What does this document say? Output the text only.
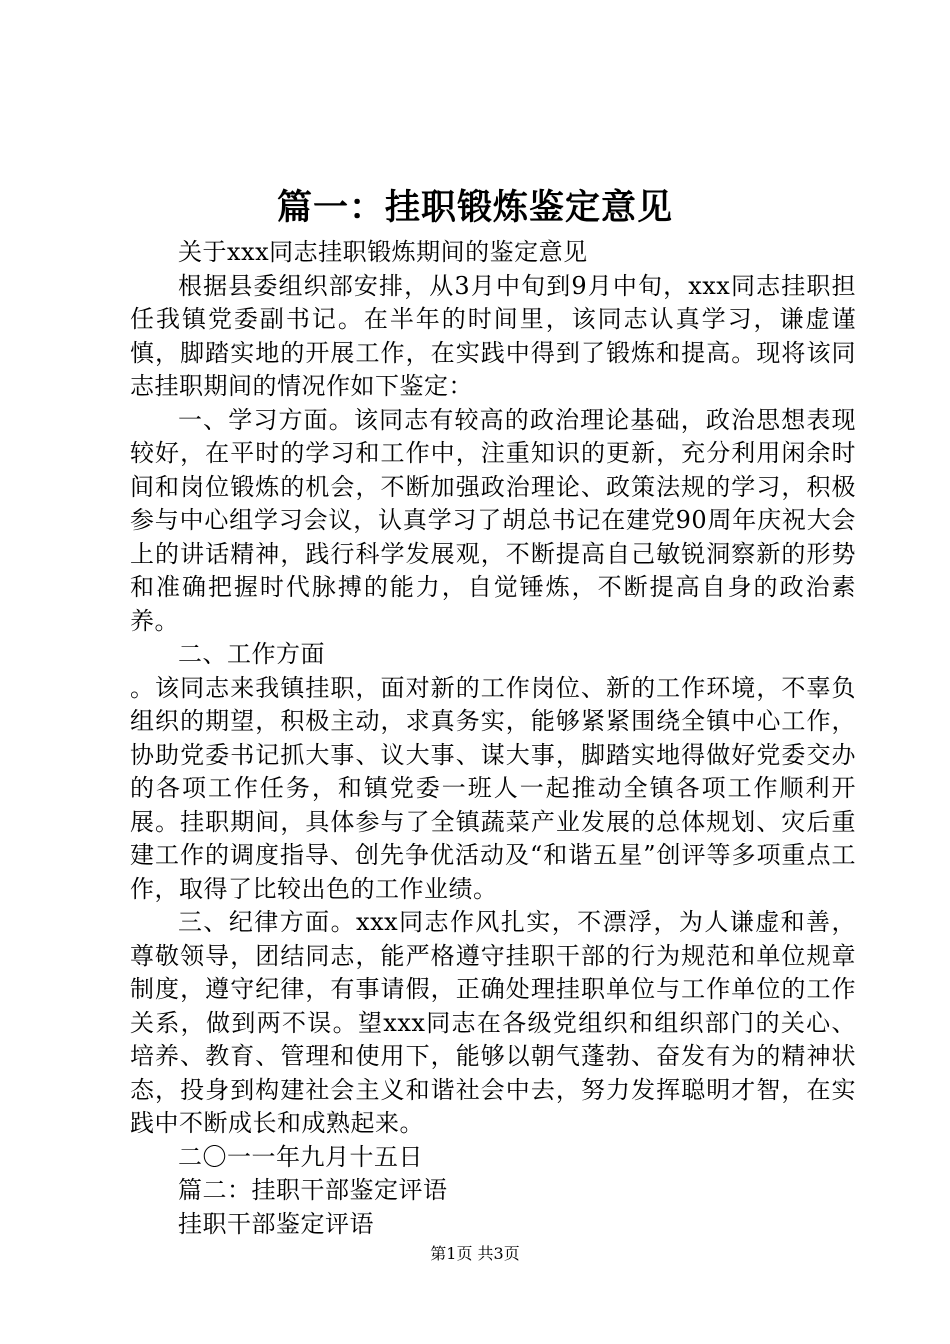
篇一：挂职锻炼鉴定意见

关于xxx同志挂职锻炼期间的鉴定意见

根据县委组织部安排，从3月中旬到9月中旬，xxx同志挂职担任我镇党委副书记。在半年的时间里，该同志认真学习，谦虚谨慎，脚踏实地的开展工作，在实践中得到了锻炼和提高。现将该同志挂职期间的情况作如下鉴定：

一、学习方面。该同志有较高的政治理论基础，政治思想表现较好，在平时的学习和工作中，注重知识的更新，充分利用闲余时间和岗位锻炼的机会，不断加强政治理论、政策法规的学习，积极参与中心组学习会议，认真学习了胡总书记在建党90周年庆祝大会上的讲话精神，践行科学发展观，不断提高自己敏锐洞察新的形势和准确把握时代脉搏的能力，自觉锤炼，不断提高自身的政治素养。

二、工作方面

。该同志来我镇挂职，面对新的工作岗位、新的工作环境，不辜负组织的期望，积极主动，求真务实，能够紧紧围绕全镇中心工作，协助党委书记抓大事、议大事、谋大事，脚踏实地得做好党委交办的各项工作任务，和镇党委一班人一起推动全镇各项工作顺利开展。挂职期间，具体参与了全镇蔬菜产业发展的总体规划、灾后重建工作的调度指导、创先争优活动及“和谐五星”创评等多项重点工作，取得了比较出色的工作业绩。

三、纪律方面。xxx同志作风扎实，不漂浮，为人谦虚和善，尊敬领导，团结同志，能严格遵守挂职干部的行为规范和单位规章制度，遵守纪律，有事请假，正确处理挂职单位与工作单位的工作关系，做到两不误。望xxx同志在各级党组织和组织部门的关心、培养、教育、管理和使用下，能够以朝气蓬勃、奋发有为的精神状态，投身到构建社会主义和谐社会中去，努力发挥聪明才智，在实践中不断成长和成熟起来。

二〇一一年九月十五日

篇二：挂职干部鉴定评语

挂职干部鉴定评语

第1页 共3页
